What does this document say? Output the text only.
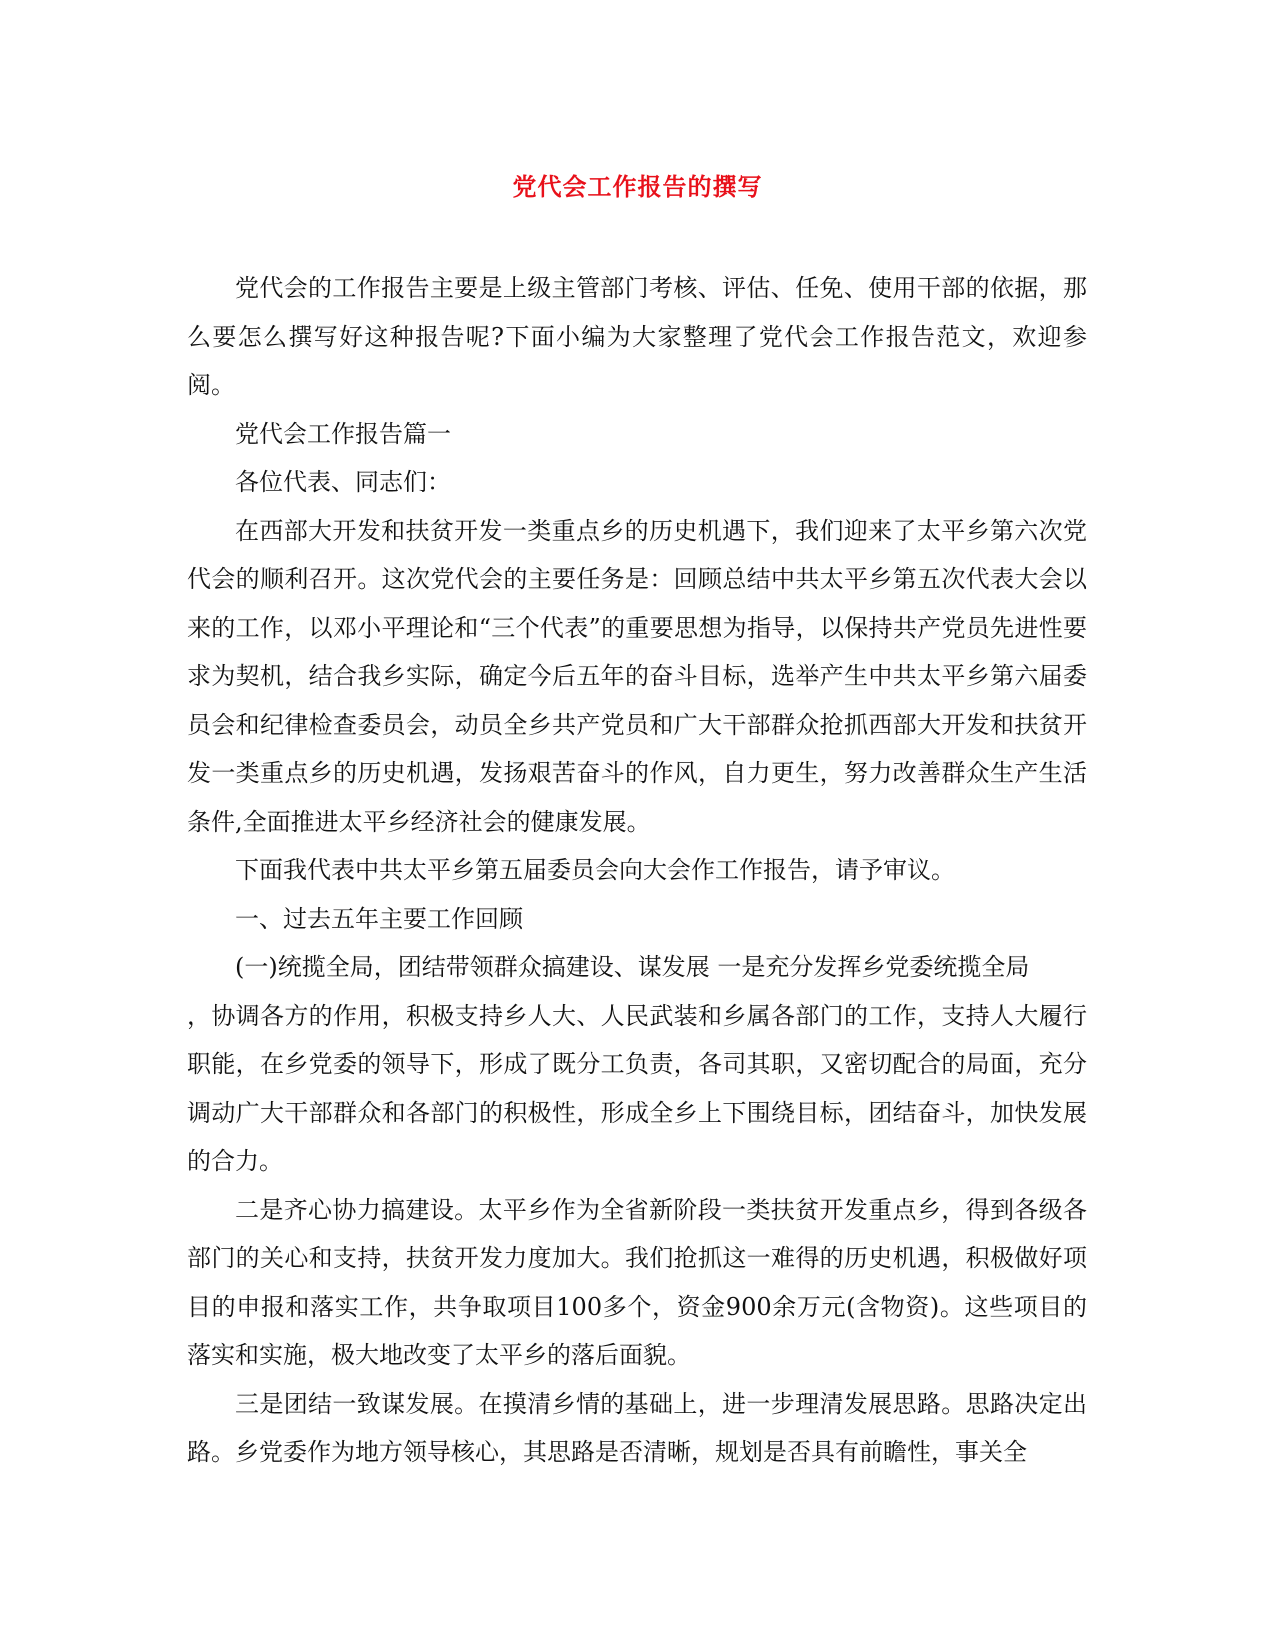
党代会工作报告的撰写

党代会的工作报告主要是上级主管部门考核、评估、任免、使用干部的依据，那么要怎么撰写好这种报告呢?下面小编为大家整理了党代会工作报告范文，欢迎参阅。

党代会工作报告篇一

各位代表、同志们：

在西部大开发和扶贫开发一类重点乡的历史机遇下，我们迎来了太平乡第六次党代会的顺利召开。这次党代会的主要任务是：回顾总结中共太平乡第五次代表大会以来的工作，以邓小平理论和“三个代表”的重要思想为指导，以保持共产党员先进性要求为契机，结合我乡实际，确定今后五年的奋斗目标，选举产生中共太平乡第六届委员会和纪律检查委员会，动员全乡共产党员和广大干部群众抢抓西部大开发和扶贫开发一类重点乡的历史机遇，发扬艰苦奋斗的作风，自力更生，努力改善群众生产生活条件,全面推进太平乡经济社会的健康发展。

下面我代表中共太平乡第五届委员会向大会作工作报告，请予审议。

一、过去五年主要工作回顾

(一)统揽全局，团结带领群众搞建设、谋发展 一是充分发挥乡党委统揽全局

，协调各方的作用，积极支持乡人大、人民武装和乡属各部门的工作，支持人大履行职能，在乡党委的领导下，形成了既分工负责，各司其职，又密切配合的局面，充分调动广大干部群众和各部门的积极性，形成全乡上下围绕目标，团结奋斗，加快发展的合力。

二是齐心协力搞建设。太平乡作为全省新阶段一类扶贫开发重点乡，得到各级各部门的关心和支持，扶贫开发力度加大。我们抢抓这一难得的历史机遇，积极做好项目的申报和落实工作，共争取项目100多个，资金900余万元(含物资)。这些项目的落实和实施，极大地改变了太平乡的落后面貌。

三是团结一致谋发展。在摸清乡情的基础上，进一步理清发展思路。思路决定出路。乡党委作为地方领导核心，其思路是否清晰，规划是否具有前瞻性，事关全
